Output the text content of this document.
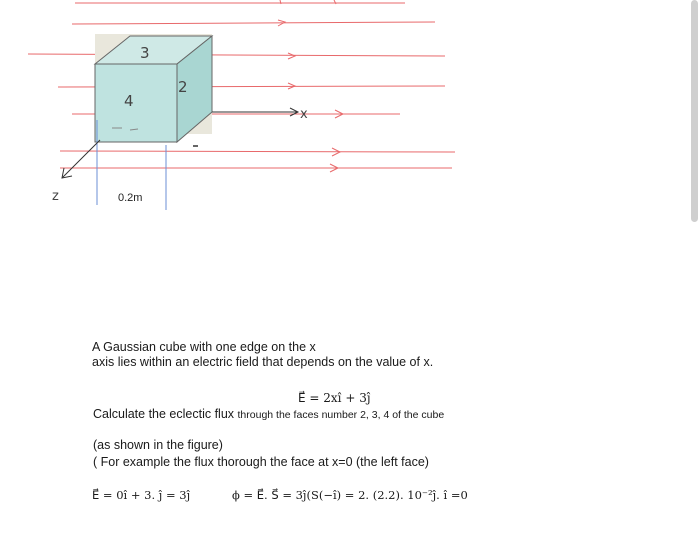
3
4
2
x
z	0.2m
A Gaussian cube with one edge on the x
axis lies within an electric field that depends on the value of x.
E⃗ = 2xî + 3ĵ
Calculate the eclectic flux through the faces number 2, 3, 4 of the cube
(as shown in the figure)
( For example the flux thorough the face at x=0 (the left face)
E⃗ = 0î + 3. ĵ = 3ĵ	ϕ = E⃗. S⃗ = 3ĵ(S(−î) = 2. (2.2). 10⁻²ĵ. î =0
